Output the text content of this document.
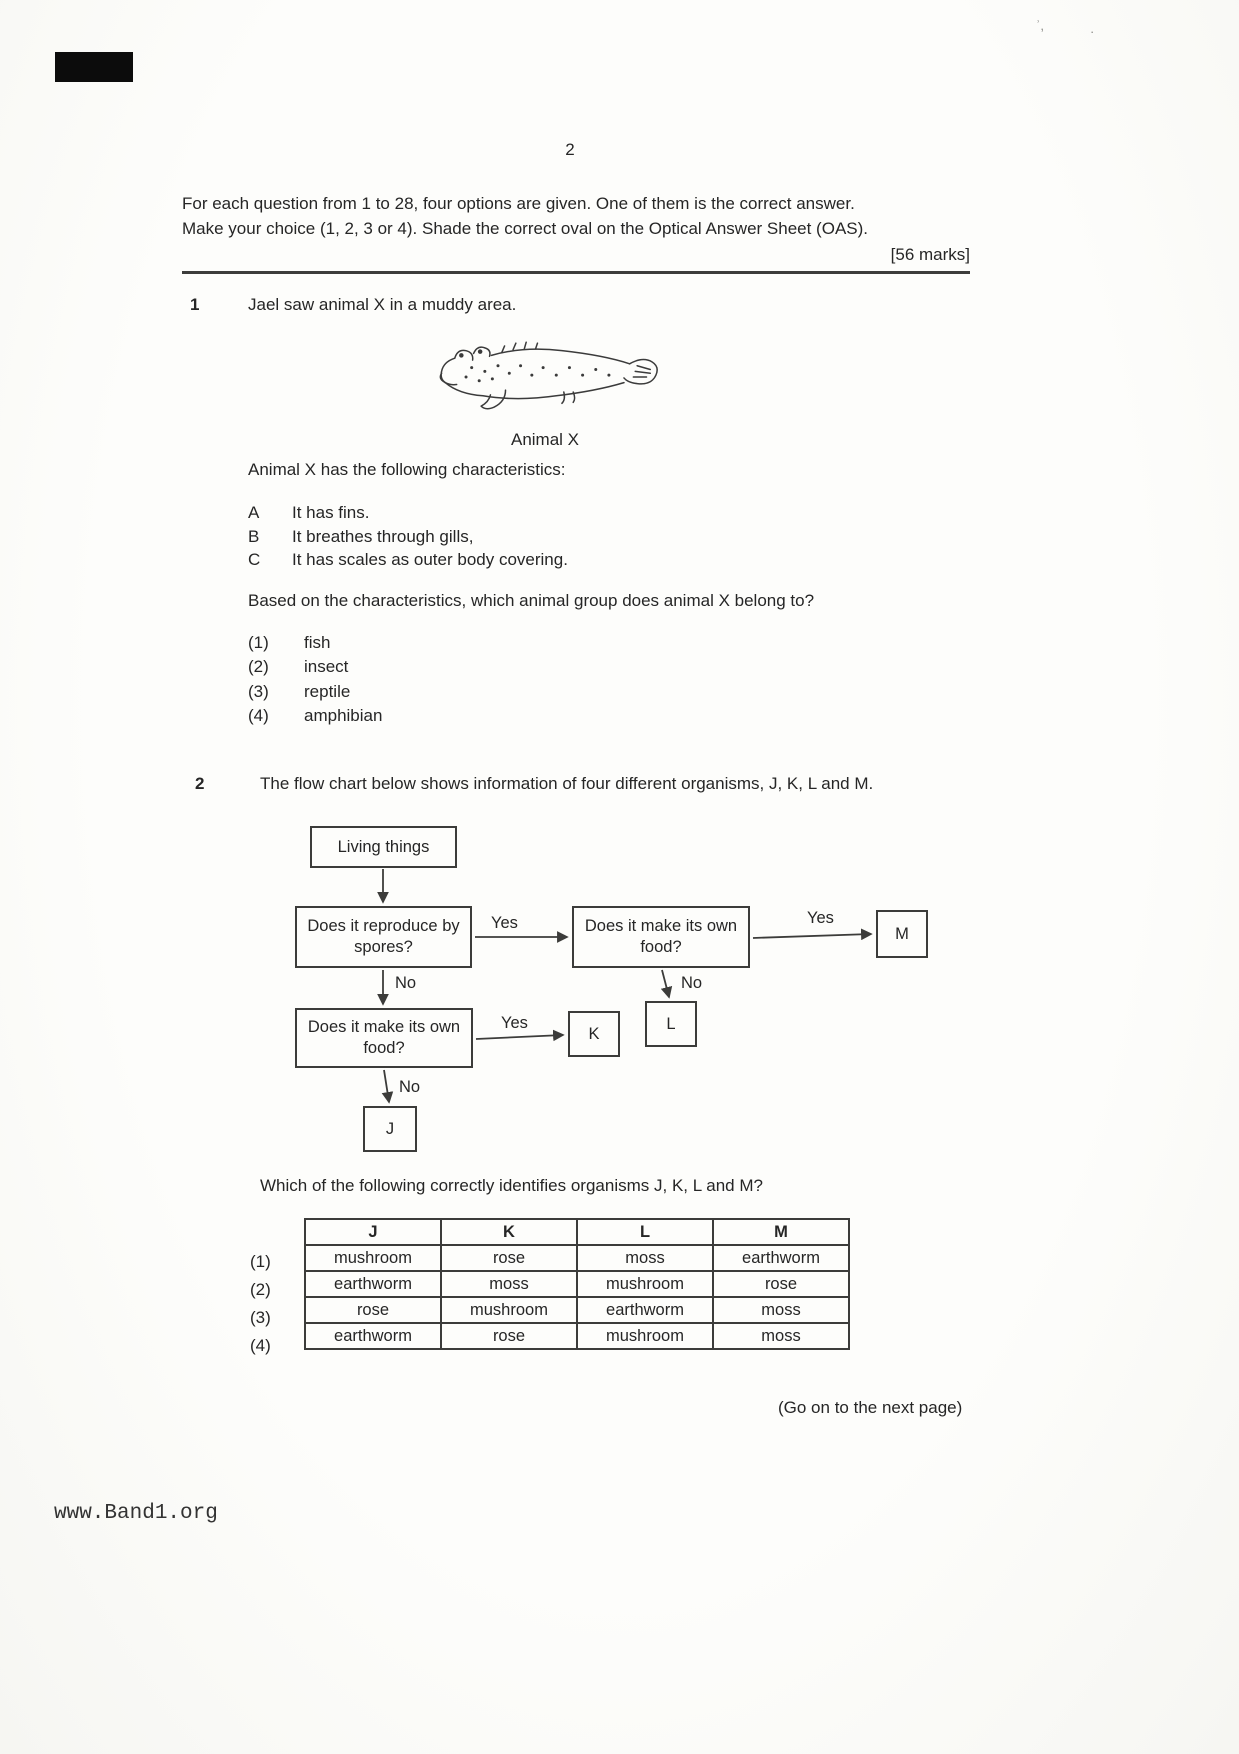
ʾ,	·
2
For each question from 1 to 28, four options are given. One of them is the correct answer.
Make your choice (1, 2, 3 or 4). Shade the correct oval on the Optical Answer Sheet (OAS).
[56 marks]
1	Jael saw animal X in a muddy area.
Animal X
Animal X has the following characteristics:
A	It has fins.
B	It breathes through gills,
C	It has scales as outer body covering.
Based on the characteristics, which animal group does animal X belong to?
(1)	fish
(2)	insect
(3)	reptile
(4)	amphibian
2	The flow chart below shows information of four different organisms, J, K, L and M.
Living things
Does it reproduce by spores?
Does it make its own food?
M
Does it make its own food?
L
K
J
Yes
No
Yes
No
Yes
No
Which of the following correctly identifies organisms J, K, L and M?
(1)
(2)
(3)
(4)
J	K	L	M
mushroom	rose	moss	earthworm
earthworm	moss	mushroom	rose
rose	mushroom	earthworm	moss
earthworm	rose	mushroom	moss
(Go on to the next page)
www.Band1.org
